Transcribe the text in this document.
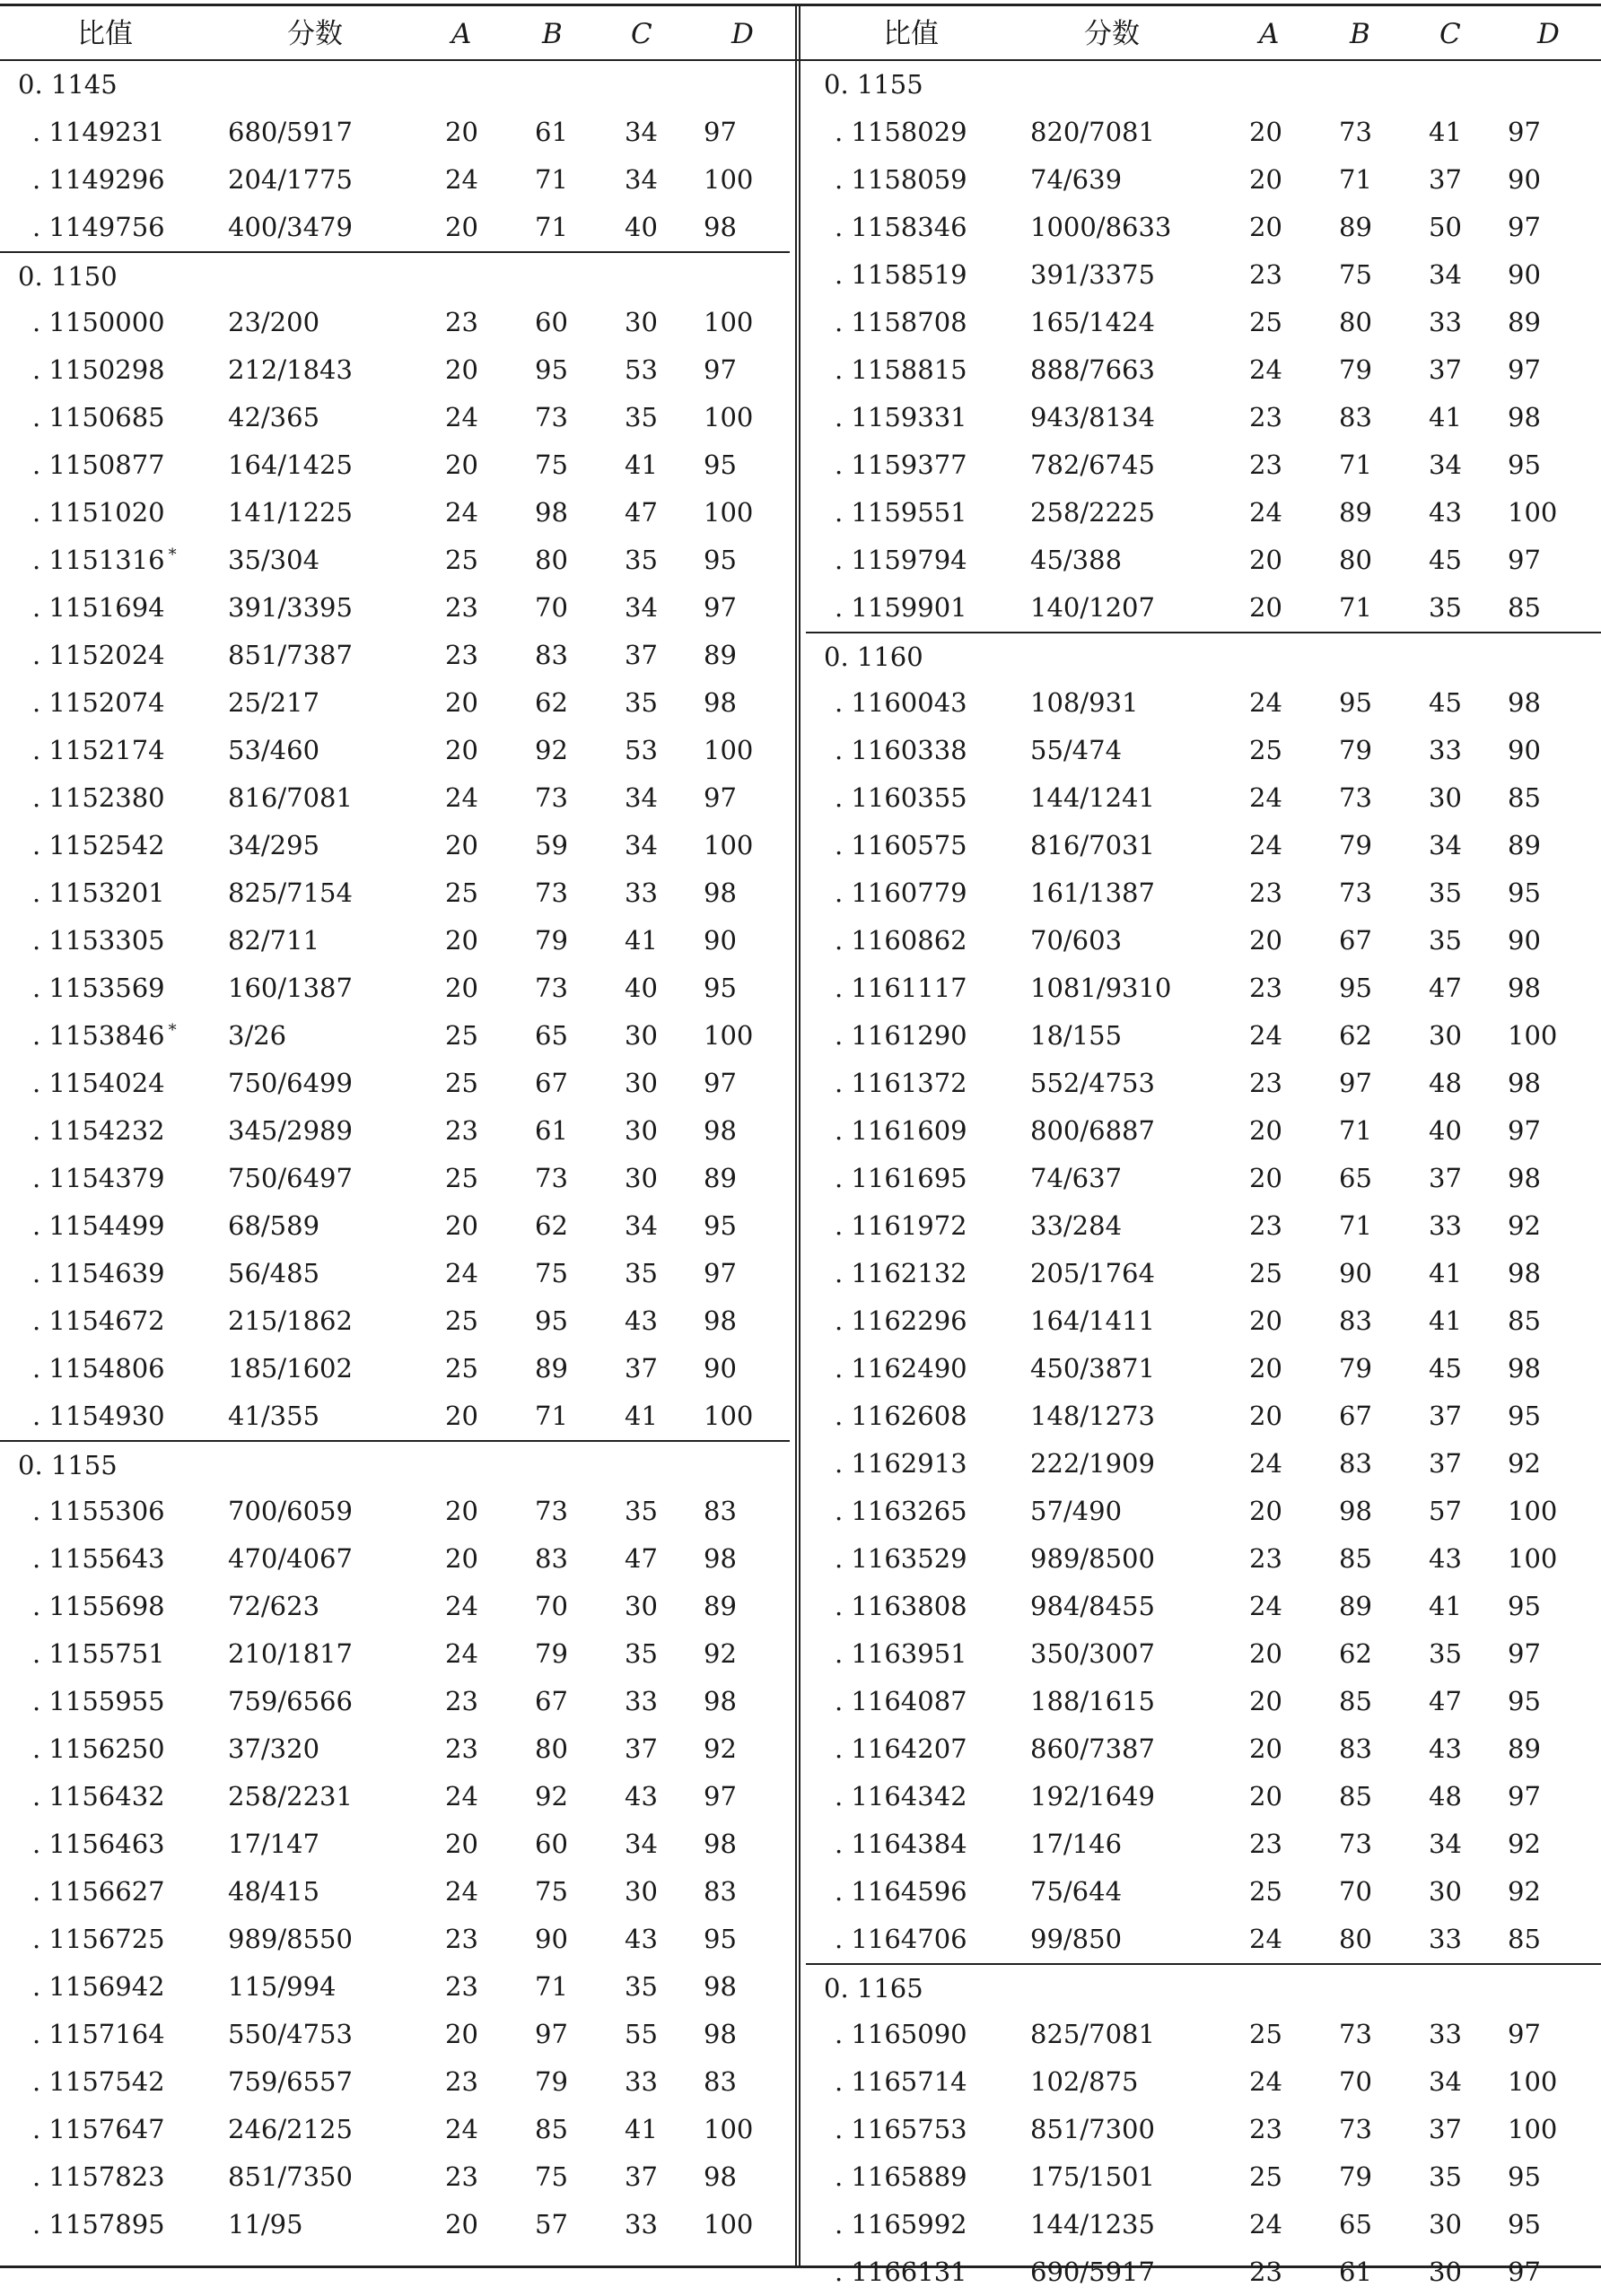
比值	分数	A	B C	D
0. 1145
. 1149231 680/5917	20 61 34 97
. 1149296 204/1775	24 71 34 100
. 1149756 400/3479	20 71 40 98
0. 1150
. 1150000 23/200	23 60 30 100
. 1150298 212/1843	20 95 53 97
. 1150685 42/365	24 73 35 100
. 1150877 164/1425	20 75 41 95
. 1151020 141/1225	24 98 47 100
. 1151316 * 35/304	25 80 35 95
. 1151694 391/3395	23 70 34 97
. 1152024 851/7387	23 83 37 89
. 1152074 25/217	20 62 35 98
. 1152174 53/460	20 92 53 100
. 1152380 816/7081	24 73 34 97
. 1152542 34/295	20 59 34 100
. 1153201 825/7154	25 73 33 98
. 1153305 82/711	20 79 41 90
. 1153569 160/1387	20 73 40 95
. 1153846 * 3/26	25 65 30 100
. 1154024 750/6499	25 67 30 97
. 1154232 345/2989	23 61 30 98
. 1154379 750/6497	25 73 30 89
. 1154499 68/589	20 62 34 95
. 1154639 56/485	24 75 35 97
. 1154672 215/1862	25 95 43 98
. 1154806 185/1602	25 89 37 90
. 1154930 41/355	20 71 41 100
0. 1155
. 1155306 700/6059	20 73 35 83
. 1155643 470/4067	20 83 47 98
. 1155698 72/623	24 70 30 89
. 1155751 210/1817	24 79 35 92
. 1155955 759/6566	23 67 33 98
. 1156250 37/320	23 80 37 92
. 1156432 258/2231	24 92 43 97
. 1156463 17/147	20 60 34 98
. 1156627 48/415	24 75 30 83
. 1156725 989/8550	23 90 43 95
. 1156942 115/994	23 71 35 98
. 1157164 550/4753	20 97 55 98
. 1157542 759/6557	23 79 33 83
. 1157647 246/2125	24 85 41 100
. 1157823 851/7350	23 75 37 98
. 1157895 11/95	20 57 33 100
比值	分数	A	B C	D
0. 1155
. 1158029 820/7081	20 73 41 97
. 1158059 74/639	20 71 37 90
. 1158346 1000/8633	20 89 50 97
. 1158519 391/3375	23 75 34 90
. 1158708 165/1424	25 80 33 89
. 1158815 888/7663	24 79 37 97
. 1159331 943/8134	23 83 41 98
. 1159377 782/6745	23 71 34 95
. 1159551 258/2225	24 89 43 100
. 1159794 45/388	20 80 45 97
. 1159901 140/1207	20 71 35 85
0. 1160
. 1160043 108/931	24 95 45 98
. 1160338 55/474	25 79 33 90
. 1160355 144/1241	24 73 30 85
. 1160575 816/7031	24 79 34 89
. 1160779 161/1387	23 73 35 95
. 1160862 70/603	20 67 35 90
. 1161117 1081/9310	23 95 47 98
. 1161290 18/155	24 62 30 100
. 1161372 552/4753	23 97 48 98
. 1161609 800/6887	20 71 40 97
. 1161695 74/637	20 65 37 98
. 1161972 33/284	23 71 33 92
. 1162132 205/1764	25 90 41 98
. 1162296 164/1411	20 83 41 85
. 1162490 450/3871	20 79 45 98
. 1162608 148/1273	20 67 37 95
. 1162913 222/1909	24 83 37 92
. 1163265 57/490	20 98 57 100
. 1163529 989/8500	23 85 43 100
. 1163808 984/8455	24 89 41 95
. 1163951 350/3007	20 62 35 97
. 1164087 188/1615	20 85 47 95
. 1164207 860/7387	20 83 43 89
. 1164342 192/1649	20 85 48 97
. 1164384 17/146	23 73 34 92
. 1164596 75/644	25 70 30 92
. 1164706 99/850	24 80 33 85
0. 1165
. 1165090 825/7081	25 73 33 97
. 1165714 102/875	24 70 34 100
. 1165753 851/7300	23 73 37 100
. 1165889 175/1501	25 79 35 95
. 1165992 144/1235	24 65 30 95
. 1166131 690/5917	23 61 30 97
